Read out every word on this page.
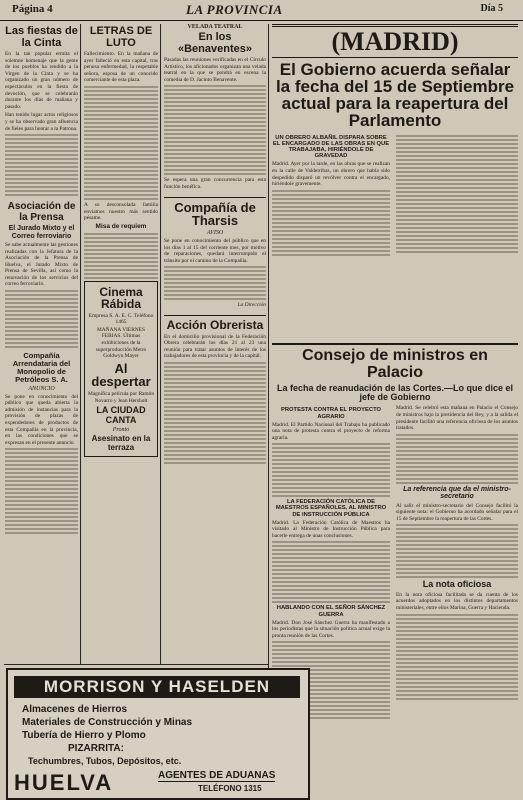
Página 4	LA PROVINCIA	Día 5
Las fiestas de la Cinta

En la tan popular ermita el solemne homenaje que la gente de los pueblos ha rendido a la Virgen de la Cinta y se ha organizado un gran número de espectáculos en la fiesta de devoción, que se celebrarán durante los días de mañana y pasado.

Han tenido lugar actos religiosos y se ha observado gran afluencia de fieles para honrar a la Patrona.

Asociación de la Prensa
El Jurado Mixto y el Correo ferroviario

Se sabe actualmente las gestiones realizadas con la Jefatura de la Asociación de la Prensa de Huelva, el Jurado Mixto de Prensa de Sevilla, así como la renovación de los servicios del correo ferroviario.

Compañía Arrendataria del Monopolio de Petróleos S. A.

ANUNCIO

Se pone en conocimiento del público que queda abierta la admisión de instancias para la provisión de plazas de expendedores de productos de esta Compañía en la provincia, en las condiciones que se expresan en el presente anuncio.

LETRAS DE LUTO

Fallecimiento. En la mañana de ayer falleció en esta capital, tras penosa enfermedad, la respetable señora, esposa de un conocido comerciante de esta plaza.

A su desconsolada familia enviamos nuestro más sentido pésame.

Misa de requiem
Cinema Rábida

Empresa S. A. E. C. Teléfono 1465

MAÑANA VIERNES FERIAS. Últimas exhibiciones de la superproducción Metro Goldwyn Mayer

Al despertar

Magnífica película por Ramón Novarro y Jean Hersholt

LA CIUDAD CANTA

Pronto

Asesinato en la terraza

VELADA TEATRAL

En los «Benaventes»

Pasadas las reuniones verificadas en el Círculo Artístico, los aficionados organizan una velada teatral en la que se pondrá en escena la comedia de D. Jacinto Benavente.

Se espera una gran concurrencia para esta función benéfica.

Compañía de Tharsis

AVISO

Se pone en conocimiento del público que en los días 1 al 15 del corriente mes, por motivo de reparaciones, quedará interrumpido el tránsito por el camino de la Compañía.

La Dirección

Acción Obrerista

En el domicilio provisional de la Federación Obrera celebrarán los días 21 al 23 una reunión para tratar asuntos de interés de los trabajadores de esta provincia y de la capital.

(MADRID)
El Gobierno acuerda señalar la fecha del 15 de Septiembre actual para la reapertura del Parlamento
UN OBRERO ALBAÑIL DISPARA SOBRE EL ENCARGADO DE LAS OBRAS EN QUE TRABAJABA, HIRIÉNDOLE DE GRAVEDAD

Madrid. Ayer por la tarde, en las obras que se realizan en la calle de Valderribas, un obrero que había sido despedido disparó un revólver contra el encargado, hiriéndole gravemente.

Consejo de ministros en Palacio
La fecha de reanudación de las Cortes.—Lo que dice el jefe de Gobierno
PROTESTA CONTRA EL PROYECTO AGRARIO

Madrid. El Partido Nacional del Trabajo ha publicado una nota de protesta contra el proyecto de reforma agraria.

LA FEDERACIÓN CATÓLICA DE MAESTROS ESPAÑOLES, AL MINISTRO DE INSTRUCCIÓN PÚBLICA

Madrid. La Federación Católica de Maestros ha visitado al Ministro de Instrucción Pública para hacerle entrega de unas conclusiones.

HABLANDO CON EL SEÑOR SÁNCHEZ GUERRA

Madrid. Don José Sánchez Guerra ha manifestado a los periodistas que la situación política actual exige la pronta reunión de las Cortes.

Madrid. Se celebró esta mañana en Palacio el Consejo de ministros bajo la presidencia del Rey, y a la salida el presidente facilitó una referencia oficiosa de los asuntos tratados.

La referencia que da el ministro-secretario

Al salir el ministro-secretario del Consejo facilitó la siguiente nota: el Gobierno ha acordado señalar para el 15 de Septiembre la reapertura de las Cortes.

La nota oficiosa

En la nota oficiosa facilitada se da cuenta de los acuerdos adoptados en los distintos departamentos ministeriales, entre ellos Marina, Guerra y Hacienda.

MORRISON Y HASELDEN
Almacenes de Hierros
Materiales de Construcción y Minas
Tubería de Hierro y Plomo
PIZARRITA:
Techumbres, Tubos, Depósitos, etc.
AGENTES DE ADUANAS
HUELVA	TELÉFONO 1315
